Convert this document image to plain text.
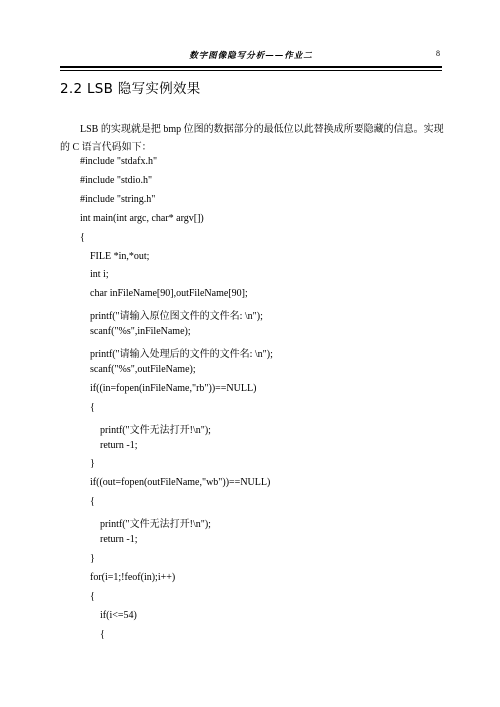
数字图像隐写分析——作业二	8
2.2 LSB 隐写实例效果
LSB 的实现就是把 bmp 位图的数据部分的最低位以此替换成所要隐藏的信息。实现
的 C 语言代码如下：
#include "stdafx.h"
#include "stdio.h"
#include "string.h"
int main(int argc, char* argv[])
{
FILE *in,*out;
int i;
char inFileName[90],outFileName[90];
printf("请输入原位图文件的文件名: \n");
scanf("%s",inFileName);
printf("请输入处理后的文件的文件名: \n");
scanf("%s",outFileName);
if((in=fopen(inFileName,"rb"))==NULL)
{
printf("文件无法打开!\n");
return -1;
}
if((out=fopen(outFileName,"wb"))==NULL)
{
printf("文件无法打开!\n");
return -1;
}
for(i=1;!feof(in);i++)
{
if(i<=54)
{
